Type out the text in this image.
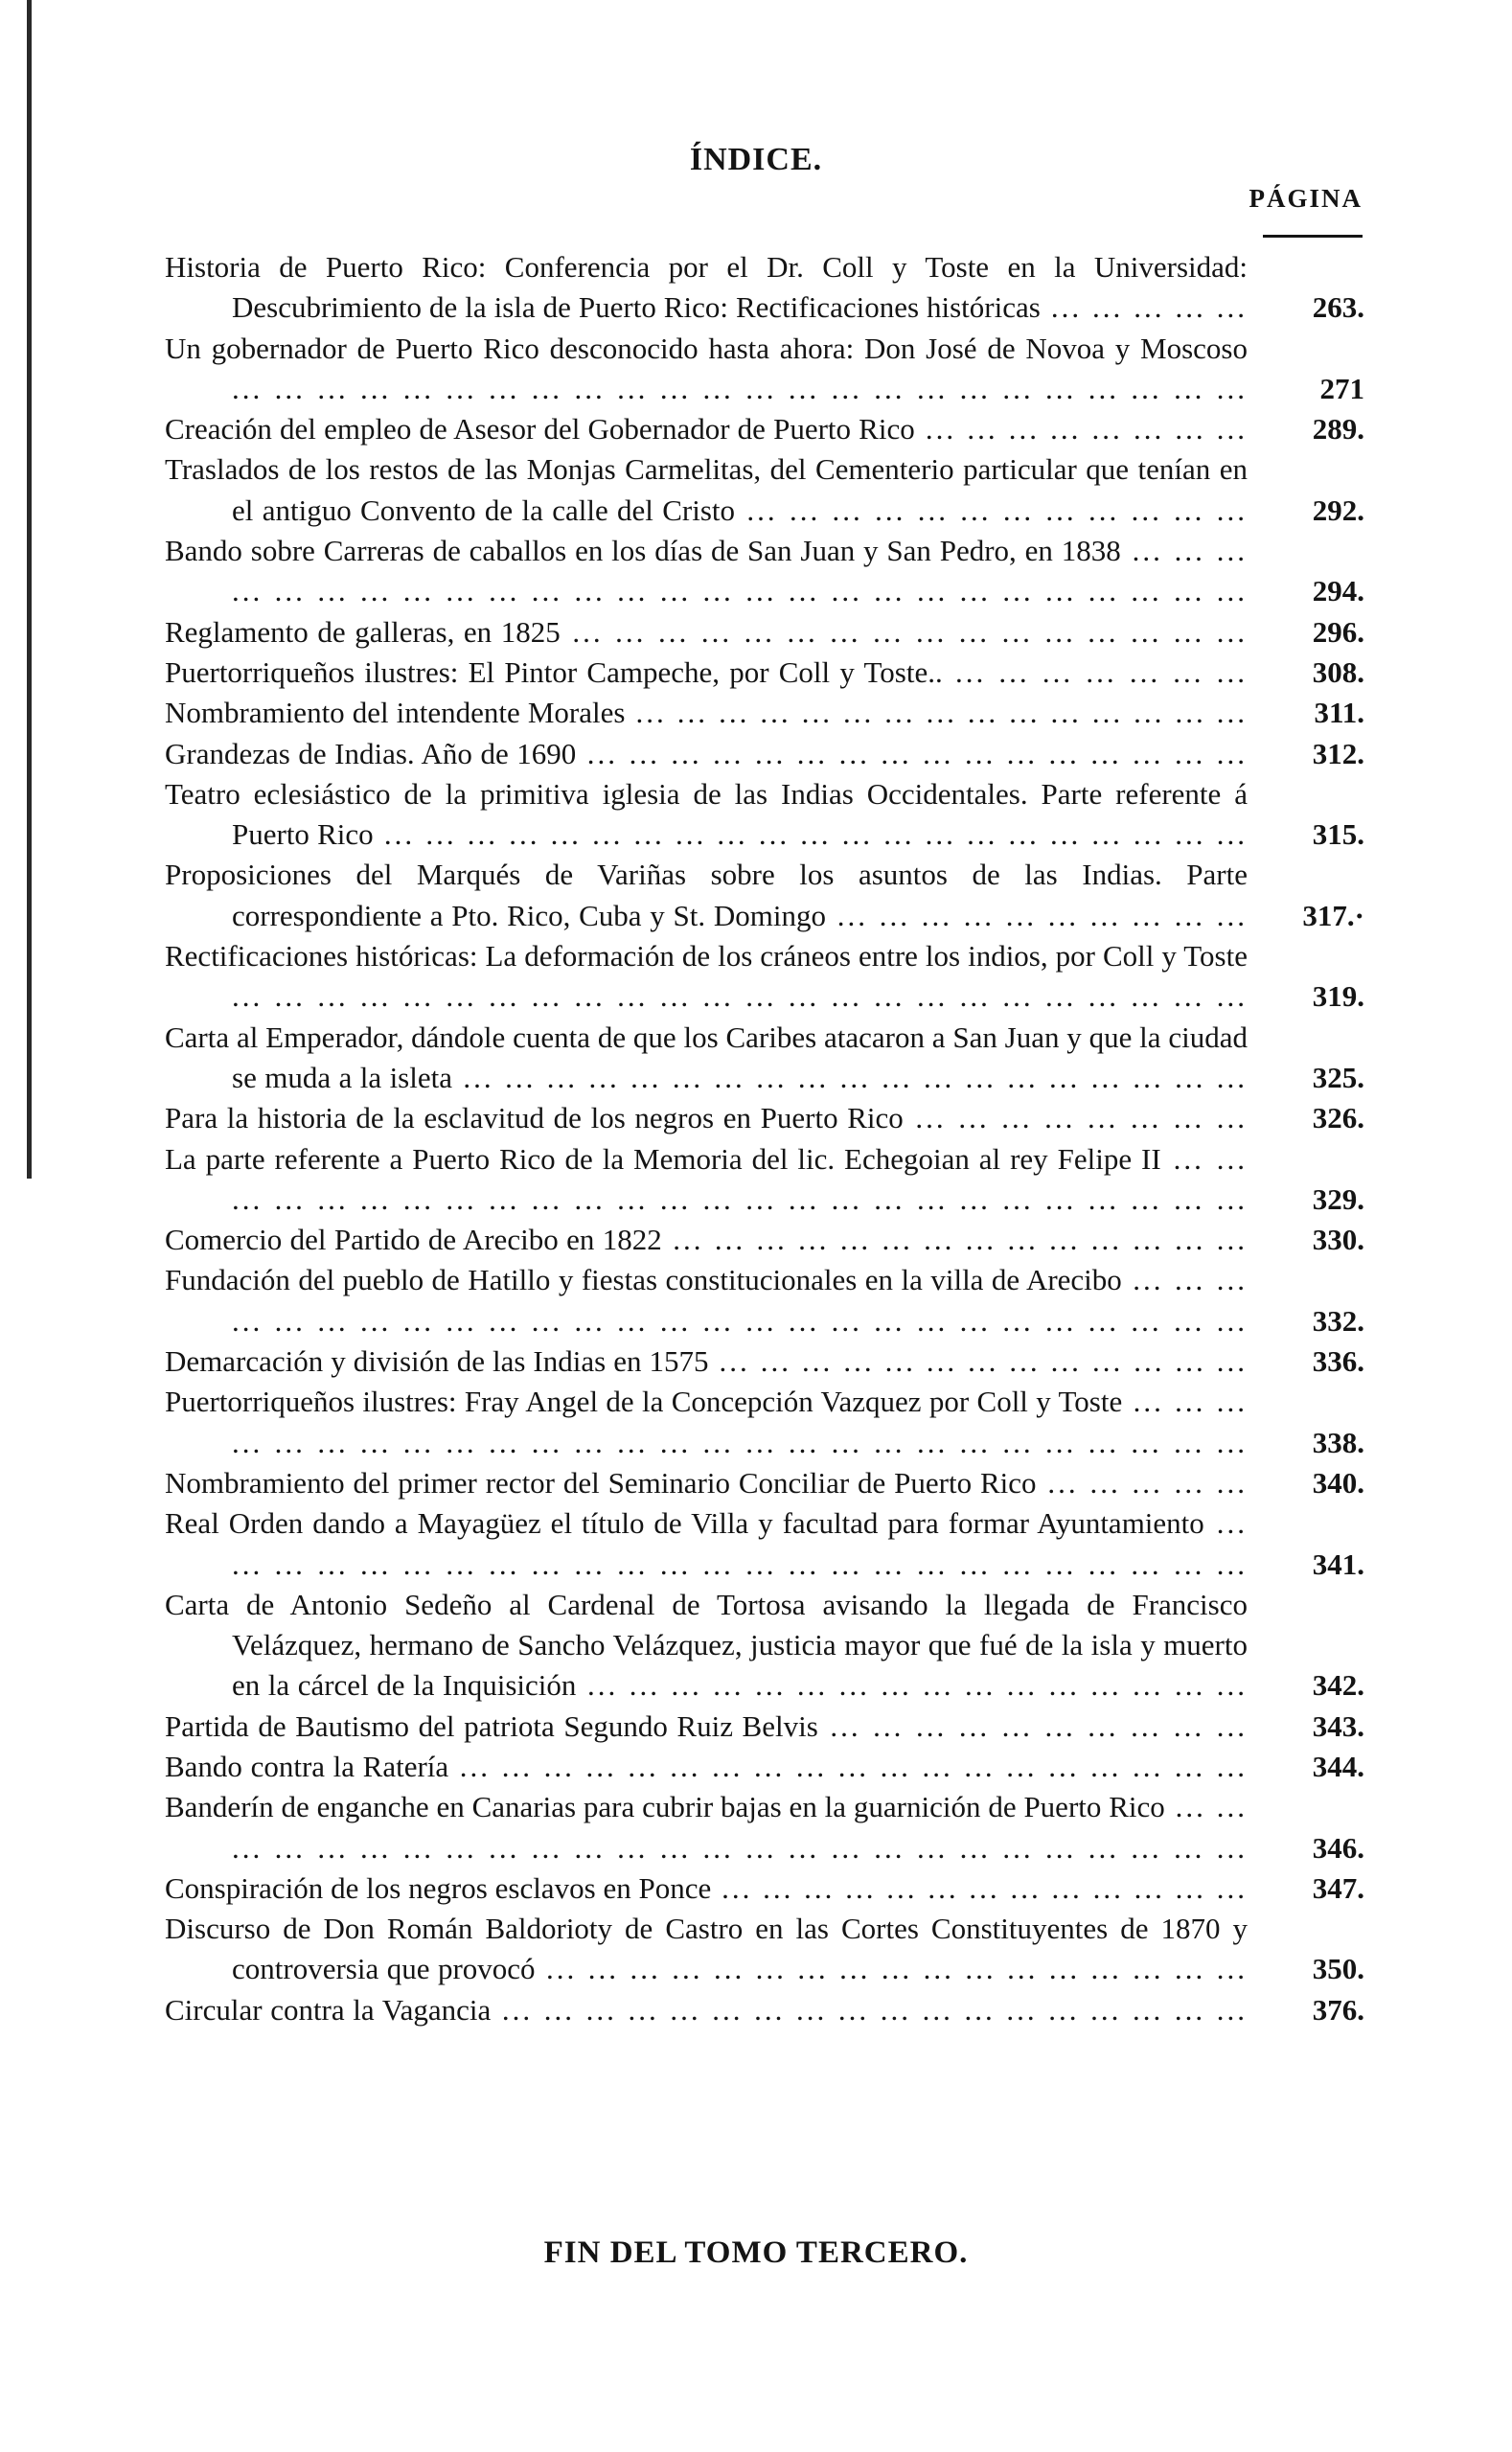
ÍNDICE.
PÁGINA
Historia de Puerto Rico: Conferencia por el Dr. Coll y Toste en la Universidad: Descubrimiento de la isla de Puerto Rico: Rectificaciones históricas ... ... ... ... ...	263.
Un gobernador de Puerto Rico desconocido hasta ahora: Don José de Novoa y Moscoso ... ... ... ... ... ... ... ... ... ... ... ... ... ... ... ... ... ... ... ... ... ... ... ...	271
Creación del empleo de Asesor del Gobernador de Puerto Rico ... ... ... ... ... ... ... ...	289.
Traslados de los restos de las Monjas Carmelitas, del Cementerio particular que tenían en el antiguo Convento de la calle del Cristo ... ... ... ... ... ... ... ... ... ... ... ...	292.
Bando sobre Carreras de caballos en los días de San Juan y San Pedro, en 1838 ... ... ... ... ... ... ... ... ... ... ... ... ... ... ... ... ... ... ... ... ... ... ... ... ... ... ...	294.
Reglamento de galleras, en 1825 ... ... ... ... ... ... ... ... ... ... ... ... ... ... ... ...	296.
Puertorriqueños ilustres: El Pintor Campeche, por Coll y Toste.. ... ... ... ... ... ... ...	308.
Nombramiento del intendente Morales ... ... ... ... ... ... ... ... ... ... ... ... ... ... ...	311.
Grandezas de Indias. Año de 1690 ... ... ... ... ... ... ... ... ... ... ... ... ... ... ... ...	312.
Teatro eclesiástico de la primitiva iglesia de las Indias Occidentales. Parte referente á Puerto Rico ... ... ... ... ... ... ... ... ... ... ... ... ... ... ... ... ... ... ... ... ...	315.
Proposiciones del Marqués de Variñas sobre los asuntos de las Indias. Parte correspondiente a Pto. Rico, Cuba y St. Domingo ... ... ... ... ... ... ... ... ... ...	317.·
Rectificaciones históricas: La deformación de los cráneos entre los indios, por Coll y Toste ... ... ... ... ... ... ... ... ... ... ... ... ... ... ... ... ... ... ... ... ... ... ... ...	319.
Carta al Emperador, dándole cuenta de que los Caribes atacaron a San Juan y que la ciudad se muda a la isleta ... ... ... ... ... ... ... ... ... ... ... ... ... ... ... ... ... ... ...	325.
Para la historia de la esclavitud de los negros en Puerto Rico ... ... ... ... ... ... ... ...	326.
La parte referente a Puerto Rico de la Memoria del lic. Echegoian al rey Felipe II ... ... ... ... ... ... ... ... ... ... ... ... ... ... ... ... ... ... ... ... ... ... ... ... ... ...	329.
Comercio del Partido de Arecibo en 1822 ... ... ... ... ... ... ... ... ... ... ... ... ... ...	330.
Fundación del pueblo de Hatillo y fiestas constitucionales en la villa de Arecibo ... ... ... ... ... ... ... ... ... ... ... ... ... ... ... ... ... ... ... ... ... ... ... ... ... ... ...	332.
Demarcación y división de las Indias en 1575 ... ... ... ... ... ... ... ... ... ... ... ... ...	336.
Puertorriqueños ilustres: Fray Angel de la Concepción Vazquez por Coll y Toste ... ... ... ... ... ... ... ... ... ... ... ... ... ... ... ... ... ... ... ... ... ... ... ... ... ... ...	338.
Nombramiento del primer rector del Seminario Conciliar de Puerto Rico ... ... ... ... ...	340.
Real Orden dando a Mayagüez el título de Villa y facultad para formar Ayuntamiento ... ... ... ... ... ... ... ... ... ... ... ... ... ... ... ... ... ... ... ... ... ... ... ... ...	341.
Carta de Antonio Sedeño al Cardenal de Tortosa avisando la llegada de Francisco Velázquez, hermano de Sancho Velázquez, justicia mayor que fué de la isla y muerto en la cárcel de la Inquisición ... ... ... ... ... ... ... ... ... ... ... ... ... ... ... ...	342.
Partida de Bautismo del patriota Segundo Ruiz Belvis ... ... ... ... ... ... ... ... ... ...	343.
Bando contra la Ratería ... ... ... ... ... ... ... ... ... ... ... ... ... ... ... ... ... ... ...	344.
Banderín de enganche en Canarias para cubrir bajas en la guarnición de Puerto Rico ... ... ... ... ... ... ... ... ... ... ... ... ... ... ... ... ... ... ... ... ... ... ... ... ... ...	346.
Conspiración de los negros esclavos en Ponce ... ... ... ... ... ... ... ... ... ... ... ... ...	347.
Discurso de Don Román Baldorioty de Castro en las Cortes Constituyentes de 1870 y controversia que provocó ... ... ... ... ... ... ... ... ... ... ... ... ... ... ... ... ...	350.
Circular contra la Vagancia ... ... ... ... ... ... ... ... ... ... ... ... ... ... ... ... ... ...	376.
FIN DEL TOMO TERCERO.
